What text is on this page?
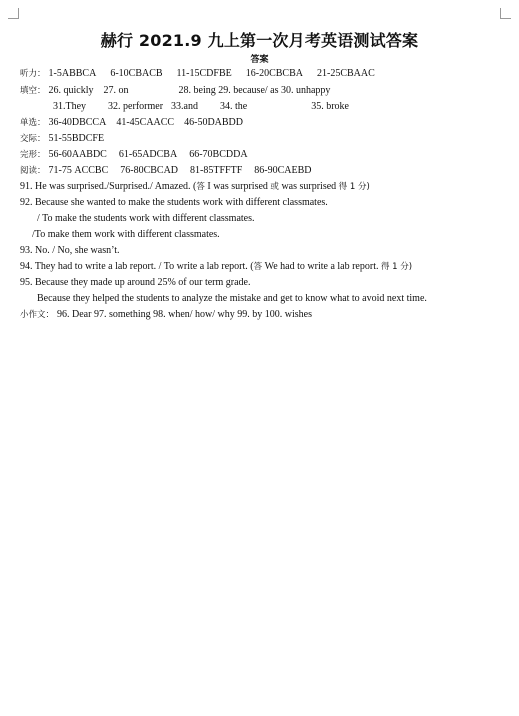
赫行 2021.9 九上第一次月考英语测试答案
答案
听力： 1-5ABBCA 6-10CBACB 11-15CDFBE 16-20CBCBA 21-25CBAAC
填空： 26. quickly 27. on	28. being 29. because/ as 30. unhappy
31.They 32. performer 33.and 34. the	35. broke
单选： 36-40DBCCA 41-45CAACC 46-50DABDD
交际： 51-55BDCFE
完形： 56-60AABDC 61-65ADCBA 66-70BCDDA
阅读： 71-75 ACCBC 76-80CBCAD 81-85TFFTF 86-90CAEBD
91. He was surprised./Surprised./ Amazed. (答 I was surprised 或 was surprised 得 1 分)
92. Because she wanted to make the students work with different classmates.
/ To make the students work with different classmates.
/To make them work with different classmates.
93. No. / No, she wasn’t.
94. They had to write a lab report. / To write a lab report. (答 We had to write a lab report. 得 1 分)
95. Because they made up around 25% of our term grade.
Because they helped the students to analyze the mistake and get to know what to avoid next time.
小作文： 96. Dear 97. something 98. when/ how/ why 99. by 100. wishes
